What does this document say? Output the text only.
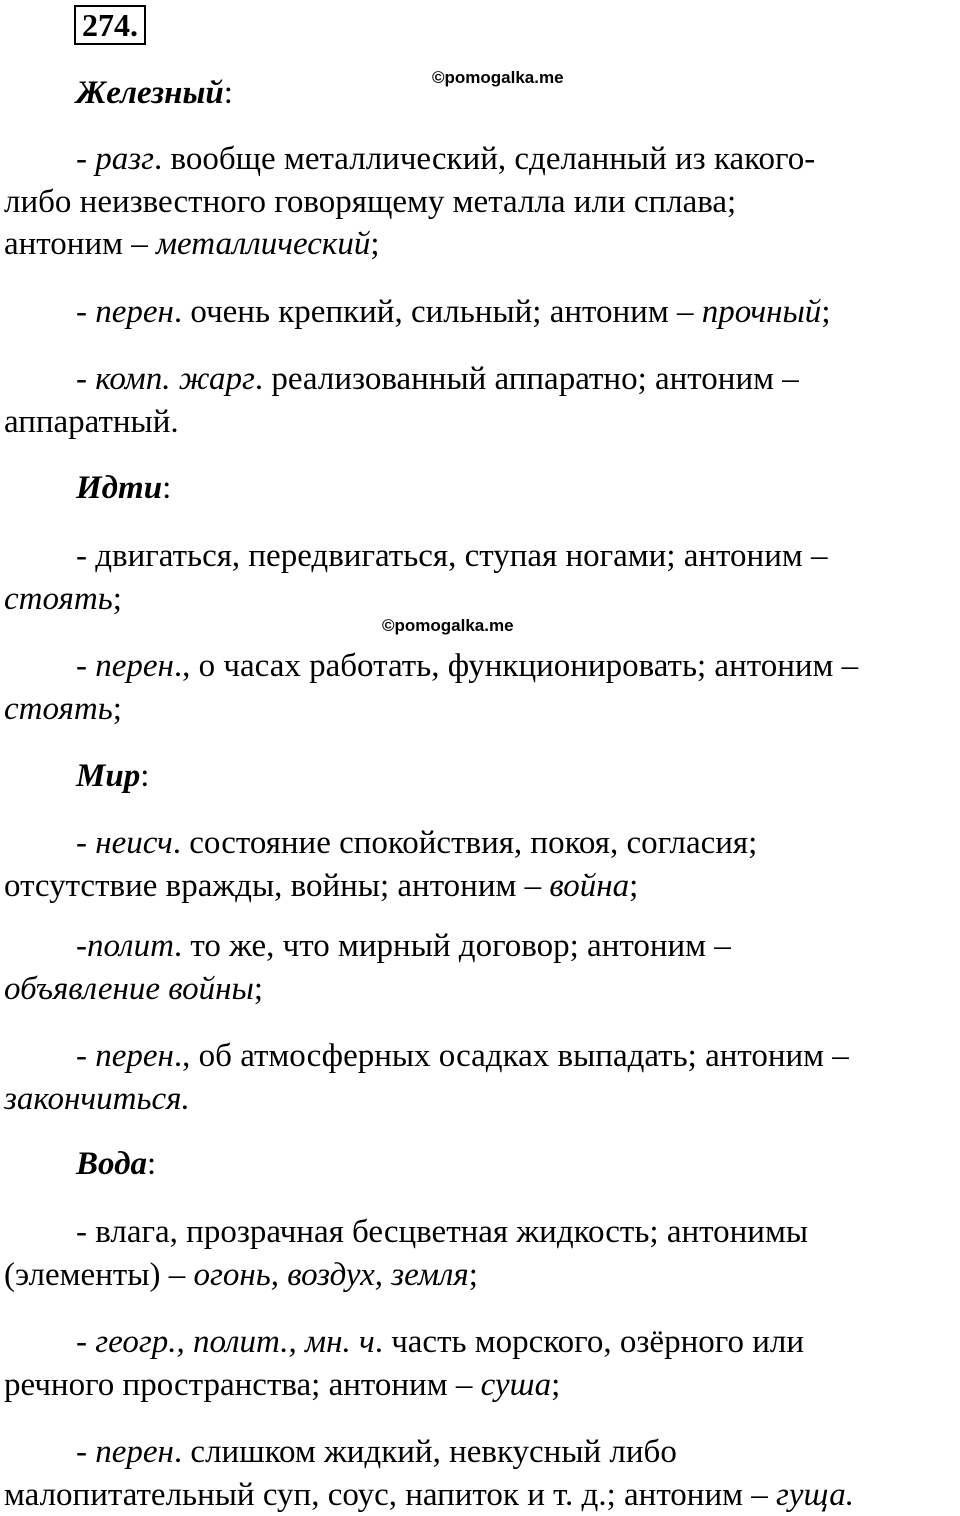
274.
©pomogalka.me
©pomogalka.me
Железный:
- разг. вообще металлический, сделанный из какого-
либо неизвестного говорящему металла или сплава;
антоним – металлический;
- перен. очень крепкий, сильный; антоним – прочный;
- комп. жарг. реализованный аппаратно; антоним –
аппаратный.
Идти:
- двигаться, передвигаться, ступая ногами; антоним –
стоять;
- перен., о часах работать, функционировать; антоним –
стоять;
Мир:
- неисч. состояние спокойствия, покоя, согласия;
отсутствие вражды, войны; антоним – война;
-полит. то же, что мирный договор; антоним –
объявление войны;
- перен., об атмосферных осадках выпадать; антоним –
закончиться.
Вода:
- влага, прозрачная бесцветная жидкость; антонимы
(элементы) – огонь, воздух, земля;
- геогр., полит., мн. ч. часть морского, озёрного или
речного пространства; антоним – суша;
- перен. слишком жидкий, невкусный либо
малопитательный суп, соус, напиток и т. д.; антоним – гуща.
